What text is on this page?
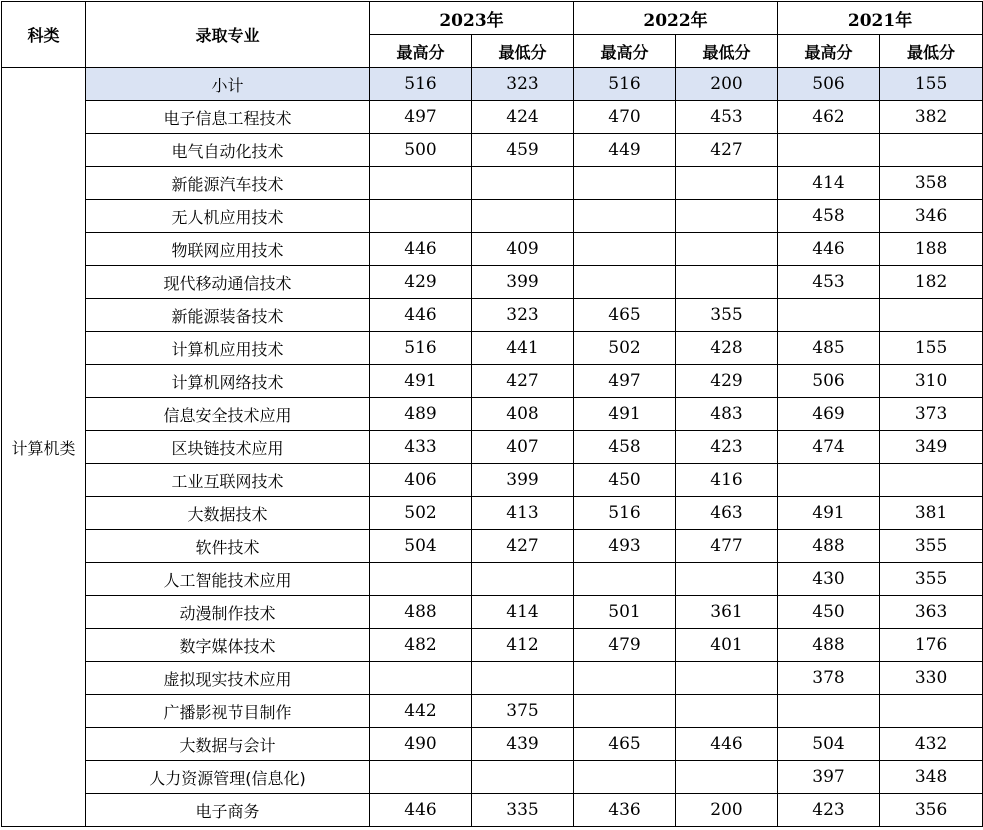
科类	录取专业	2023年		2022年		2021年	
		最高分	最低分	最高分	最低分	最高分	最低分
计算机类	小计	516	323	516	200	506	155
	电子信息工程技术	497	424	470	453	462	382
	电气自动化技术	500	459	449	427		
	新能源汽车技术					414	358
	无人机应用技术					458	346
	物联网应用技术	446	409			446	188
	现代移动通信技术	429	399			453	182
	新能源装备技术	446	323	465	355		
	计算机应用技术	516	441	502	428	485	155
	计算机网络技术	491	427	497	429	506	310
	信息安全技术应用	489	408	491	483	469	373
	区块链技术应用	433	407	458	423	474	349
	工业互联网技术	406	399	450	416		
	大数据技术	502	413	516	463	491	381
	软件技术	504	427	493	477	488	355
	人工智能技术应用					430	355
	动漫制作技术	488	414	501	361	450	363
	数字媒体技术	482	412	479	401	488	176
	虚拟现实技术应用					378	330
	广播影视节目制作	442	375				
	大数据与会计	490	439	465	446	504	432
	人力资源管理(信息化)					397	348
	电子商务	446	335	436	200	423	356
